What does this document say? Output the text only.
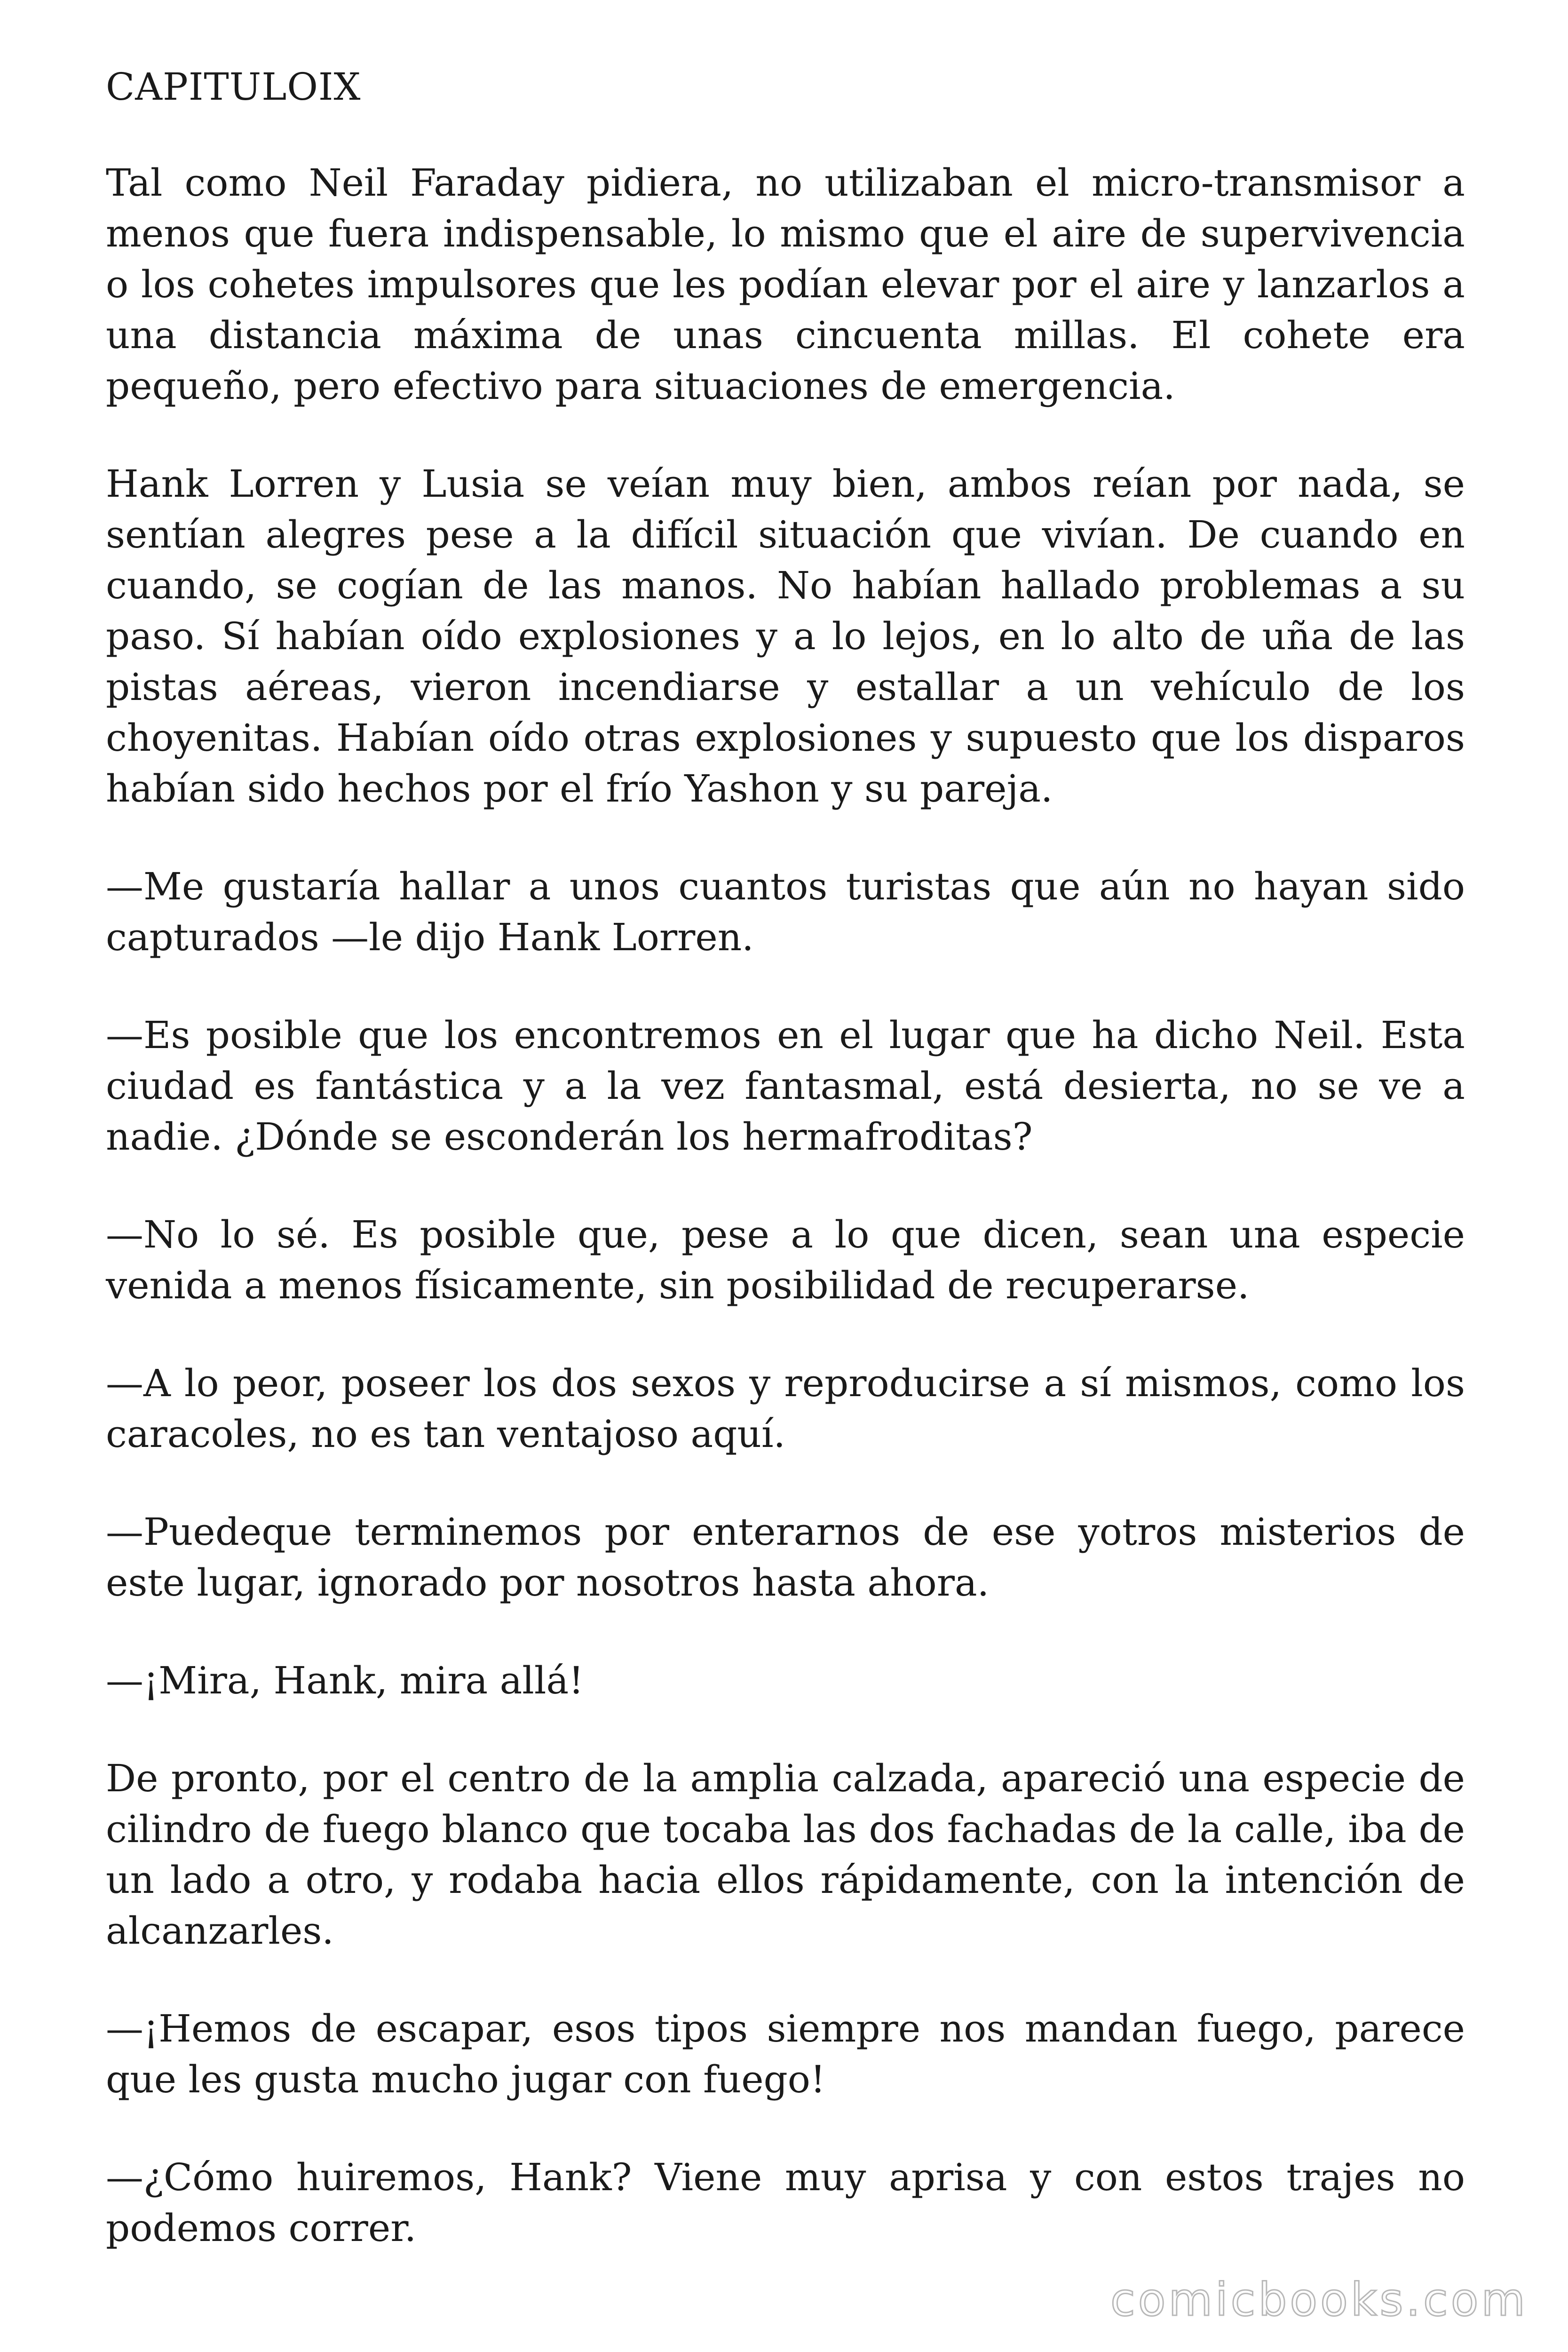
CAPITULOIX

Tal como Neil Faraday pidiera, no utilizaban el micro-transmisor a menos que fuera indispensable, lo mismo que el aire de supervivencia o los cohetes impulsores que les podían elevar por el aire y lanzarlos a una distancia máxima de unas cincuenta millas. El cohete era pequeño, pero efectivo para situaciones de emergencia.

Hank Lorren y Lusia se veían muy bien, ambos reían por nada, se sentían alegres pese a la difícil situación que vivían. De cuando en cuando, se cogían de las manos. No habían hallado problemas a su paso. Sí habían oído explosiones y a lo lejos, en lo alto de uña de las pistas aéreas, vieron incendiarse y estallar a un vehículo de los choyenitas. Habían oído otras explosiones y supuesto que los disparos habían sido hechos por el frío Yashon y su pareja.

—Me gustaría hallar a unos cuantos turistas que aún no hayan sido capturados —le dijo Hank Lorren.

—Es posible que los encontremos en el lugar que ha dicho Neil. Esta ciudad es fantástica y a la vez fantasmal, está desierta, no se ve a nadie. ¿Dónde se esconderán los hermafroditas?

—No lo sé. Es posible que, pese a lo que dicen, sean una especie venida a menos físicamente, sin posibilidad de recuperarse.

—A lo peor, poseer los dos sexos y reproducirse a sí mismos, como los caracoles, no es tan ventajoso aquí.

—Puedeque terminemos por enterarnos de ese yotros misterios de este lugar, ignorado por nosotros hasta ahora.

—¡Mira, Hank, mira allá!

De pronto, por el centro de la amplia calzada, apareció una especie de cilindro de fuego blanco que tocaba las dos fachadas de la calle, iba de un lado a otro, y rodaba hacia ellos rápidamente, con la intención de alcanzarles.

—¡Hemos de escapar, esos tipos siempre nos mandan fuego, parece que les gusta mucho jugar con fuego!

—¿Cómo huiremos, Hank? Viene muy aprisa y con estos trajes no podemos correr.

comicbooks.com
